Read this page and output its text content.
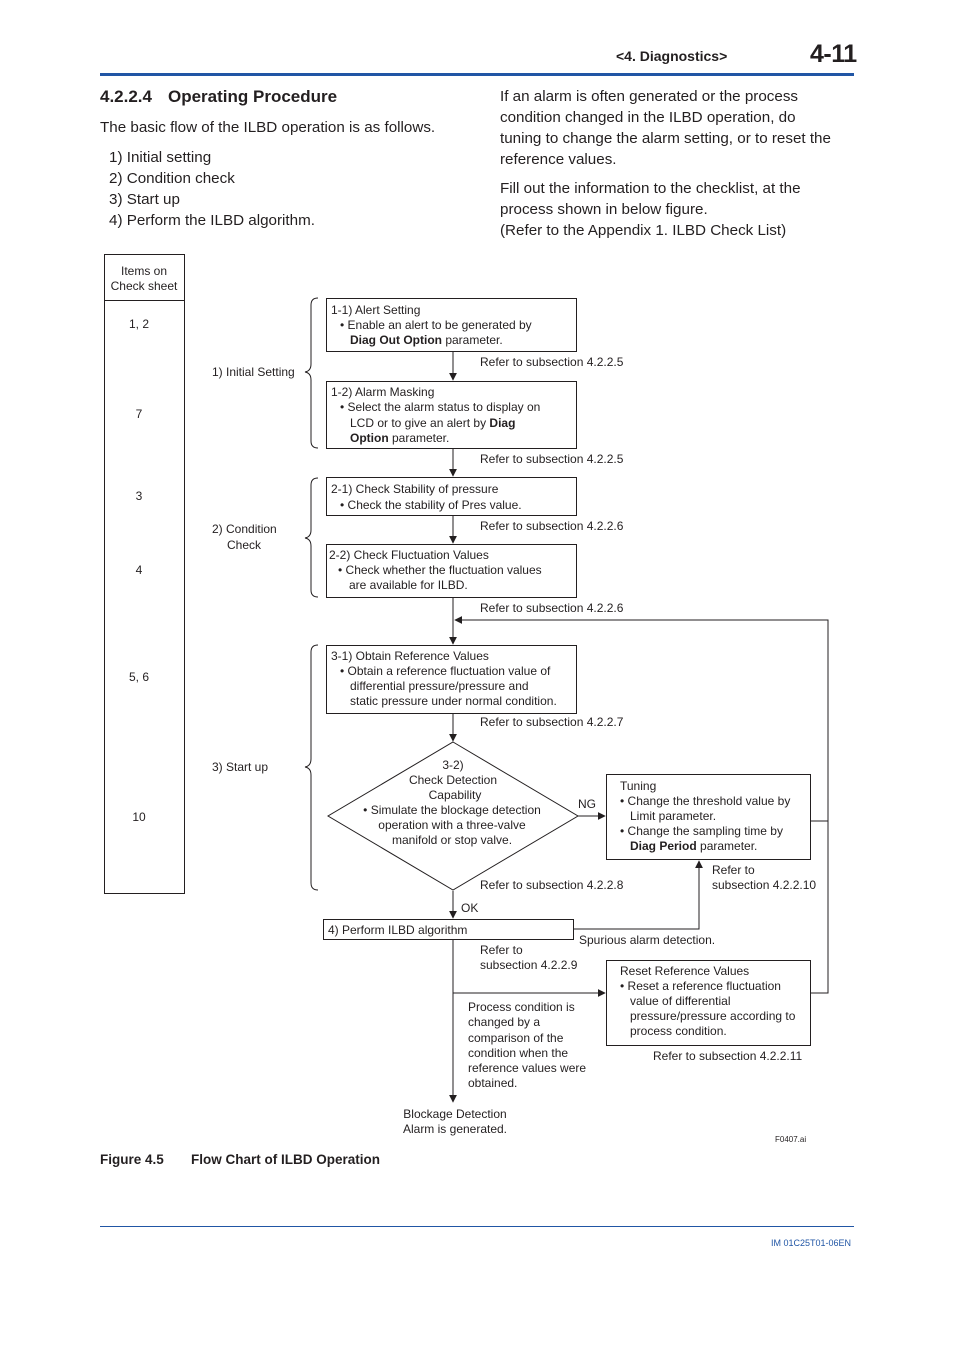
<4. Diagnostics>	4-11
4.2.2.4 Operating Procedure
The basic flow of the ILBD operation is as follows.
1) Initial setting
2) Condition check
3) Start up
4) Perform the ILBD algorithm.
If an alarm is often generated or the process
condition changed in the ILBD operation, do
tuning to change the alarm setting, or to reset the
reference values.
Fill out the information to the checklist, at the
process shown in below figure.
(Refer to the Appendix 1. ILBD Check List)
Items on
Check sheet
1, 2
7
3
4
5, 6
10
1) Initial Setting
2) Condition
Check
3) Start up
1-1) Alert Setting
• Enable an alert to be generated by
Diag Out Option parameter.
1-2) Alarm Masking
• Select the alarm status to display on
LCD or to give an alert by Diag
Option parameter.
2-1) Check Stability of pressure
• Check the stability of Pres value.
2-2) Check Fluctuation Values
• Check whether the fluctuation values
are available for ILBD.
3-1) Obtain Reference Values
• Obtain a reference fluctuation value of
differential pressure/pressure and
static pressure under normal condition.
3-2)
Check Detection
Capability
• Simulate the blockage detection
operation with a three-valve
manifold or stop valve.
Tuning
• Change the threshold value by
Limit parameter.
• Change the sampling time by
Diag Period parameter.
4) Perform ILBD algorithm
Reset Reference Values
• Reset a reference fluctuation
value of differential
pressure/pressure according to
process condition.
Refer to subsection 4.2.2.5
Refer to subsection 4.2.2.5
Refer to subsection 4.2.2.6
Refer to subsection 4.2.2.6
Refer to subsection 4.2.2.7
Refer to subsection 4.2.2.8
Refer to
subsection 4.2.2.10
Refer to
subsection 4.2.2.9
Refer to subsection 4.2.2.11
NG
OK
Spurious alarm detection.
Process condition is
changed by a
comparison of the
condition when the
reference values were
obtained.
Blockage Detection
Alarm is generated.
F0407.ai
Figure 4.5 Flow Chart of ILBD Operation
IM 01C25T01-06EN
